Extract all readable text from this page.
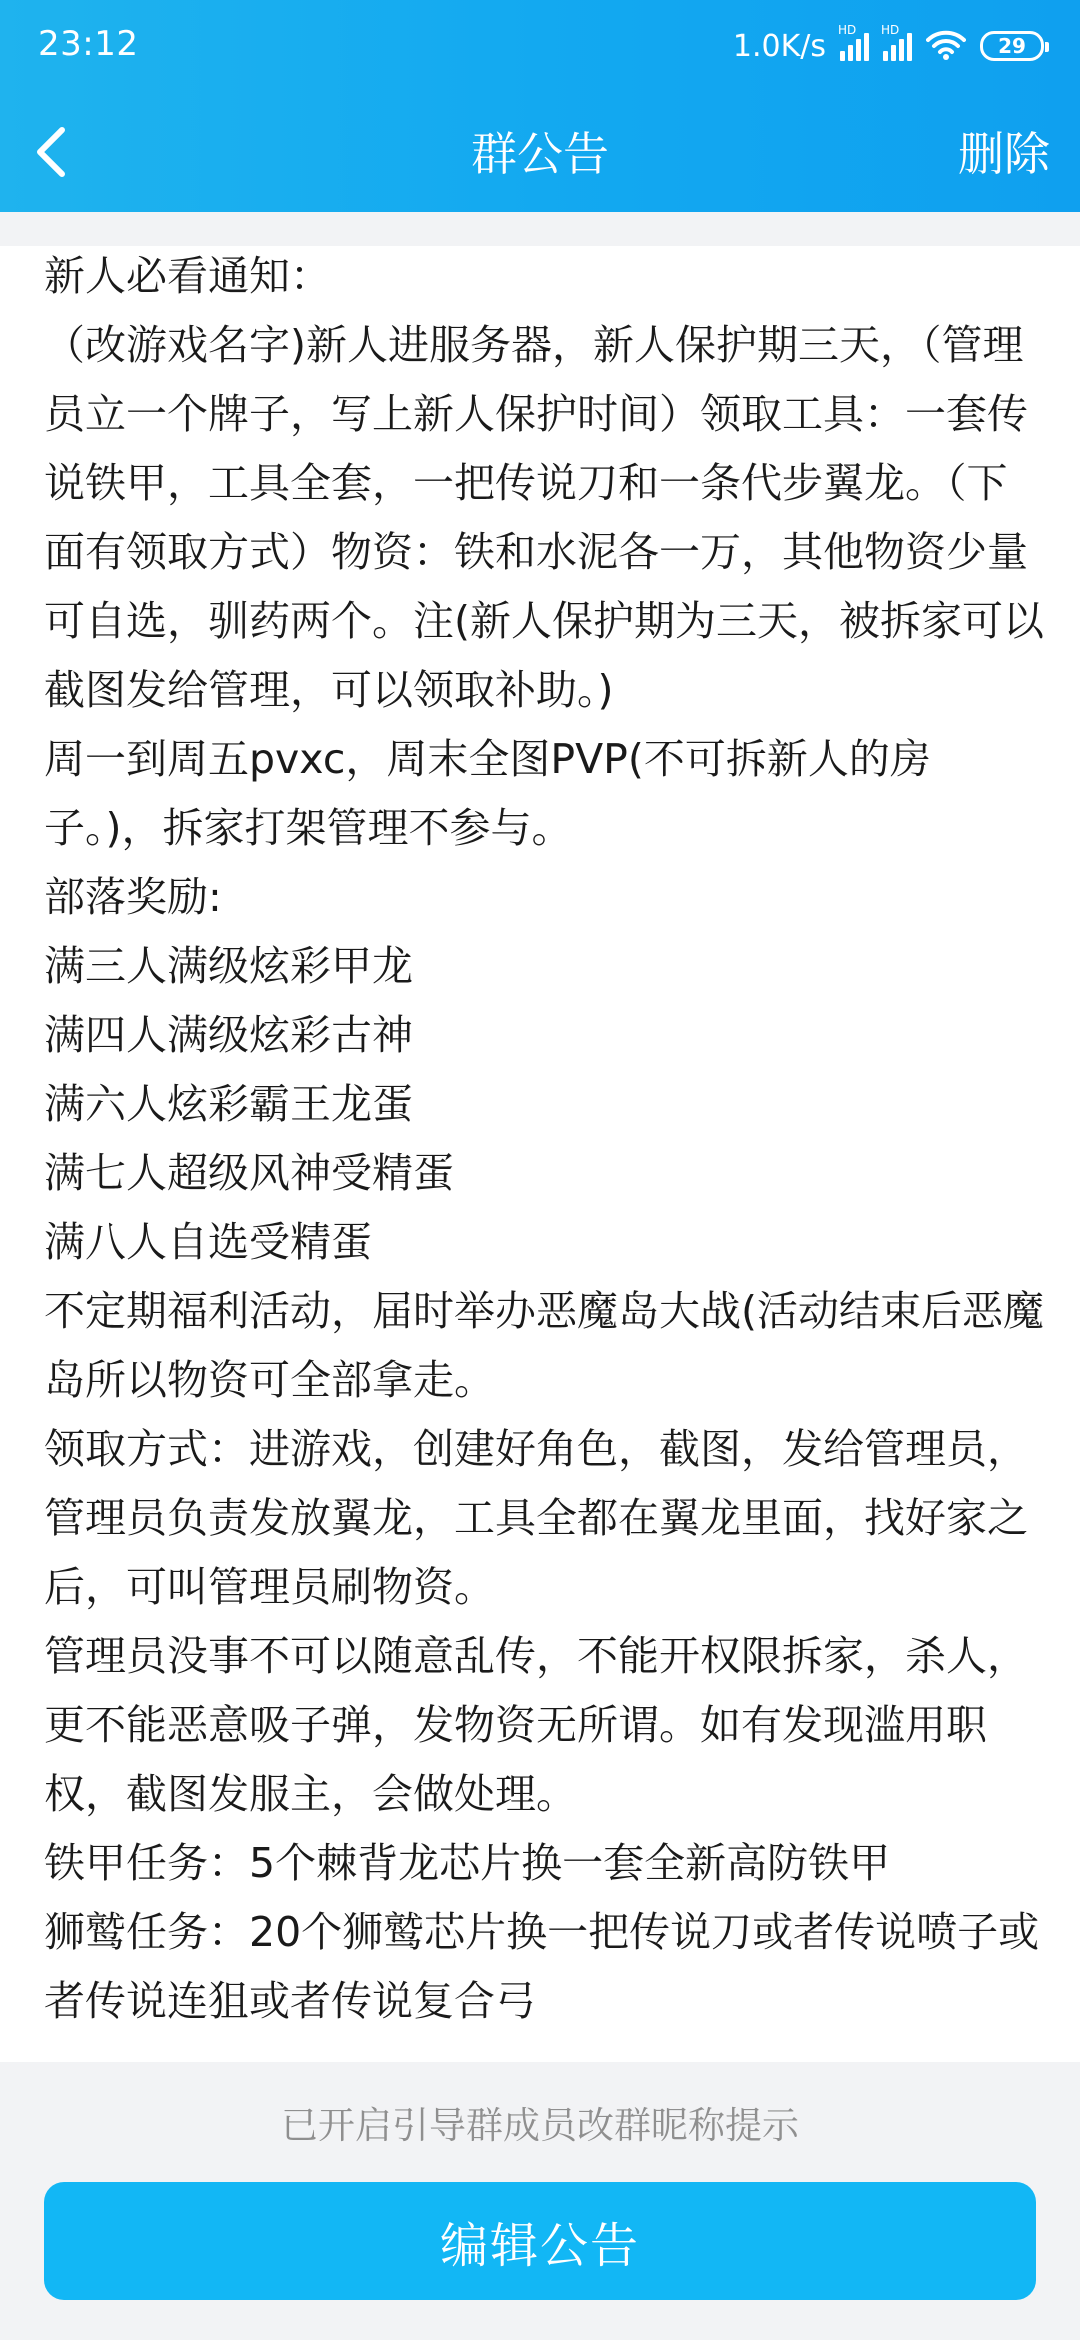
23:12	1.0K/s HD HD
29
群公告	删除
新人必看通知：
（改游戏名字)新人进服务器，新人保护期三天，（管理员立一个牌子，写上新人保护时间）领取工具：一套传说铁甲，工具全套，一把传说刀和一条代步翼龙。（下面有领取方式）物资：铁和水泥各一万，其他物资少量可自选，驯药两个。注(新人保护期为三天，被拆家可以截图发给管理，可以领取补助。)
周一到周五pvxc，周末全图PVP(不可拆新人的房子。)，拆家打架管理不参与。
部落奖励:
满三人满级炫彩甲龙
满四人满级炫彩古神
满六人炫彩霸王龙蛋
满七人超级风神受精蛋
满八人自选受精蛋
不定期福利活动，届时举办恶魔岛大战(活动结束后恶魔岛所以物资可全部拿走。
领取方式：进游戏，创建好角色，截图，发给管理员，管理员负责发放翼龙，工具全都在翼龙里面，找好家之后，可叫管理员刷物资。
管理员没事不可以随意乱传，不能开权限拆家，杀人，更不能恶意吸子弹，发物资无所谓。如有发现滥用职权，截图发服主，会做处理。
铁甲任务：5个棘背龙芯片换一套全新高防铁甲
狮鹫任务：20个狮鹫芯片换一把传说刀或者传说喷子或者传说连狙或者传说复合弓
已开启引导群成员改群昵称提示
编辑公告
